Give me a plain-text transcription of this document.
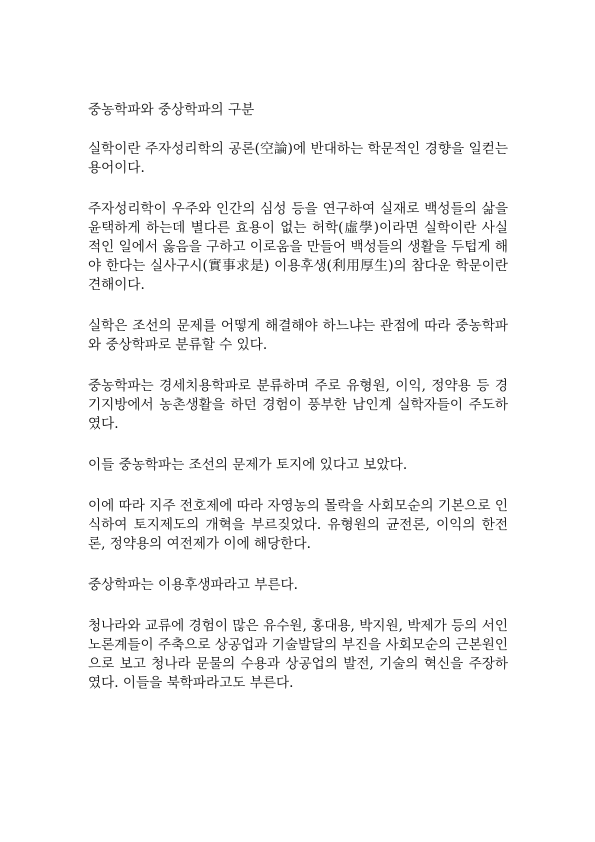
중농학파와 중상학파의 구분

실학이란 주자성리학의 공론(空論)에 반대하는 학문적인 경향을 일컫는 용어이다.

주자성리학이 우주와 인간의 심성 등을 연구하여 실재로 백성들의 삶을 윤택하게 하는데 별다른 효용이 없는 허학(虛學)이라면 실학이란 사실적인 일에서 옳음을 구하고 이로움을 만들어 백성들의 생활을 두텁게 해야 한다는 실사구시(實事求是) 이용후생(利用厚生)의 참다운 학문이란 견해이다.

실학은 조선의 문제를 어떻게 해결해야 하느냐는 관점에 따라 중농학파와 중상학파로 분류할 수 있다.

중농학파는 경세치용학파로 분류하며 주로 유형원, 이익, 정약용 등 경기지방에서 농촌생활을 하던 경험이 풍부한 남인계 실학자들이 주도하였다.

이들 중농학파는 조선의 문제가 토지에 있다고 보았다.

이에 따라 지주 전호제에 따라 자영농의 몰락을 사회모순의 기본으로 인식하여 토지제도의 개혁을 부르짖었다. 유형원의 균전론, 이익의 한전론, 정약용의 여전제가 이에 해당한다.

중상학파는 이용후생파라고 부른다.

청나라와 교류에 경험이 많은 유수원, 홍대용, 박지원, 박제가 등의 서인 노론계들이 주축으로 상공업과 기술발달의 부진을 사회모순의 근본원인으로 보고 청나라 문물의 수용과 상공업의 발전, 기술의 혁신을 주장하였다. 이들을 북학파라고도 부른다.
